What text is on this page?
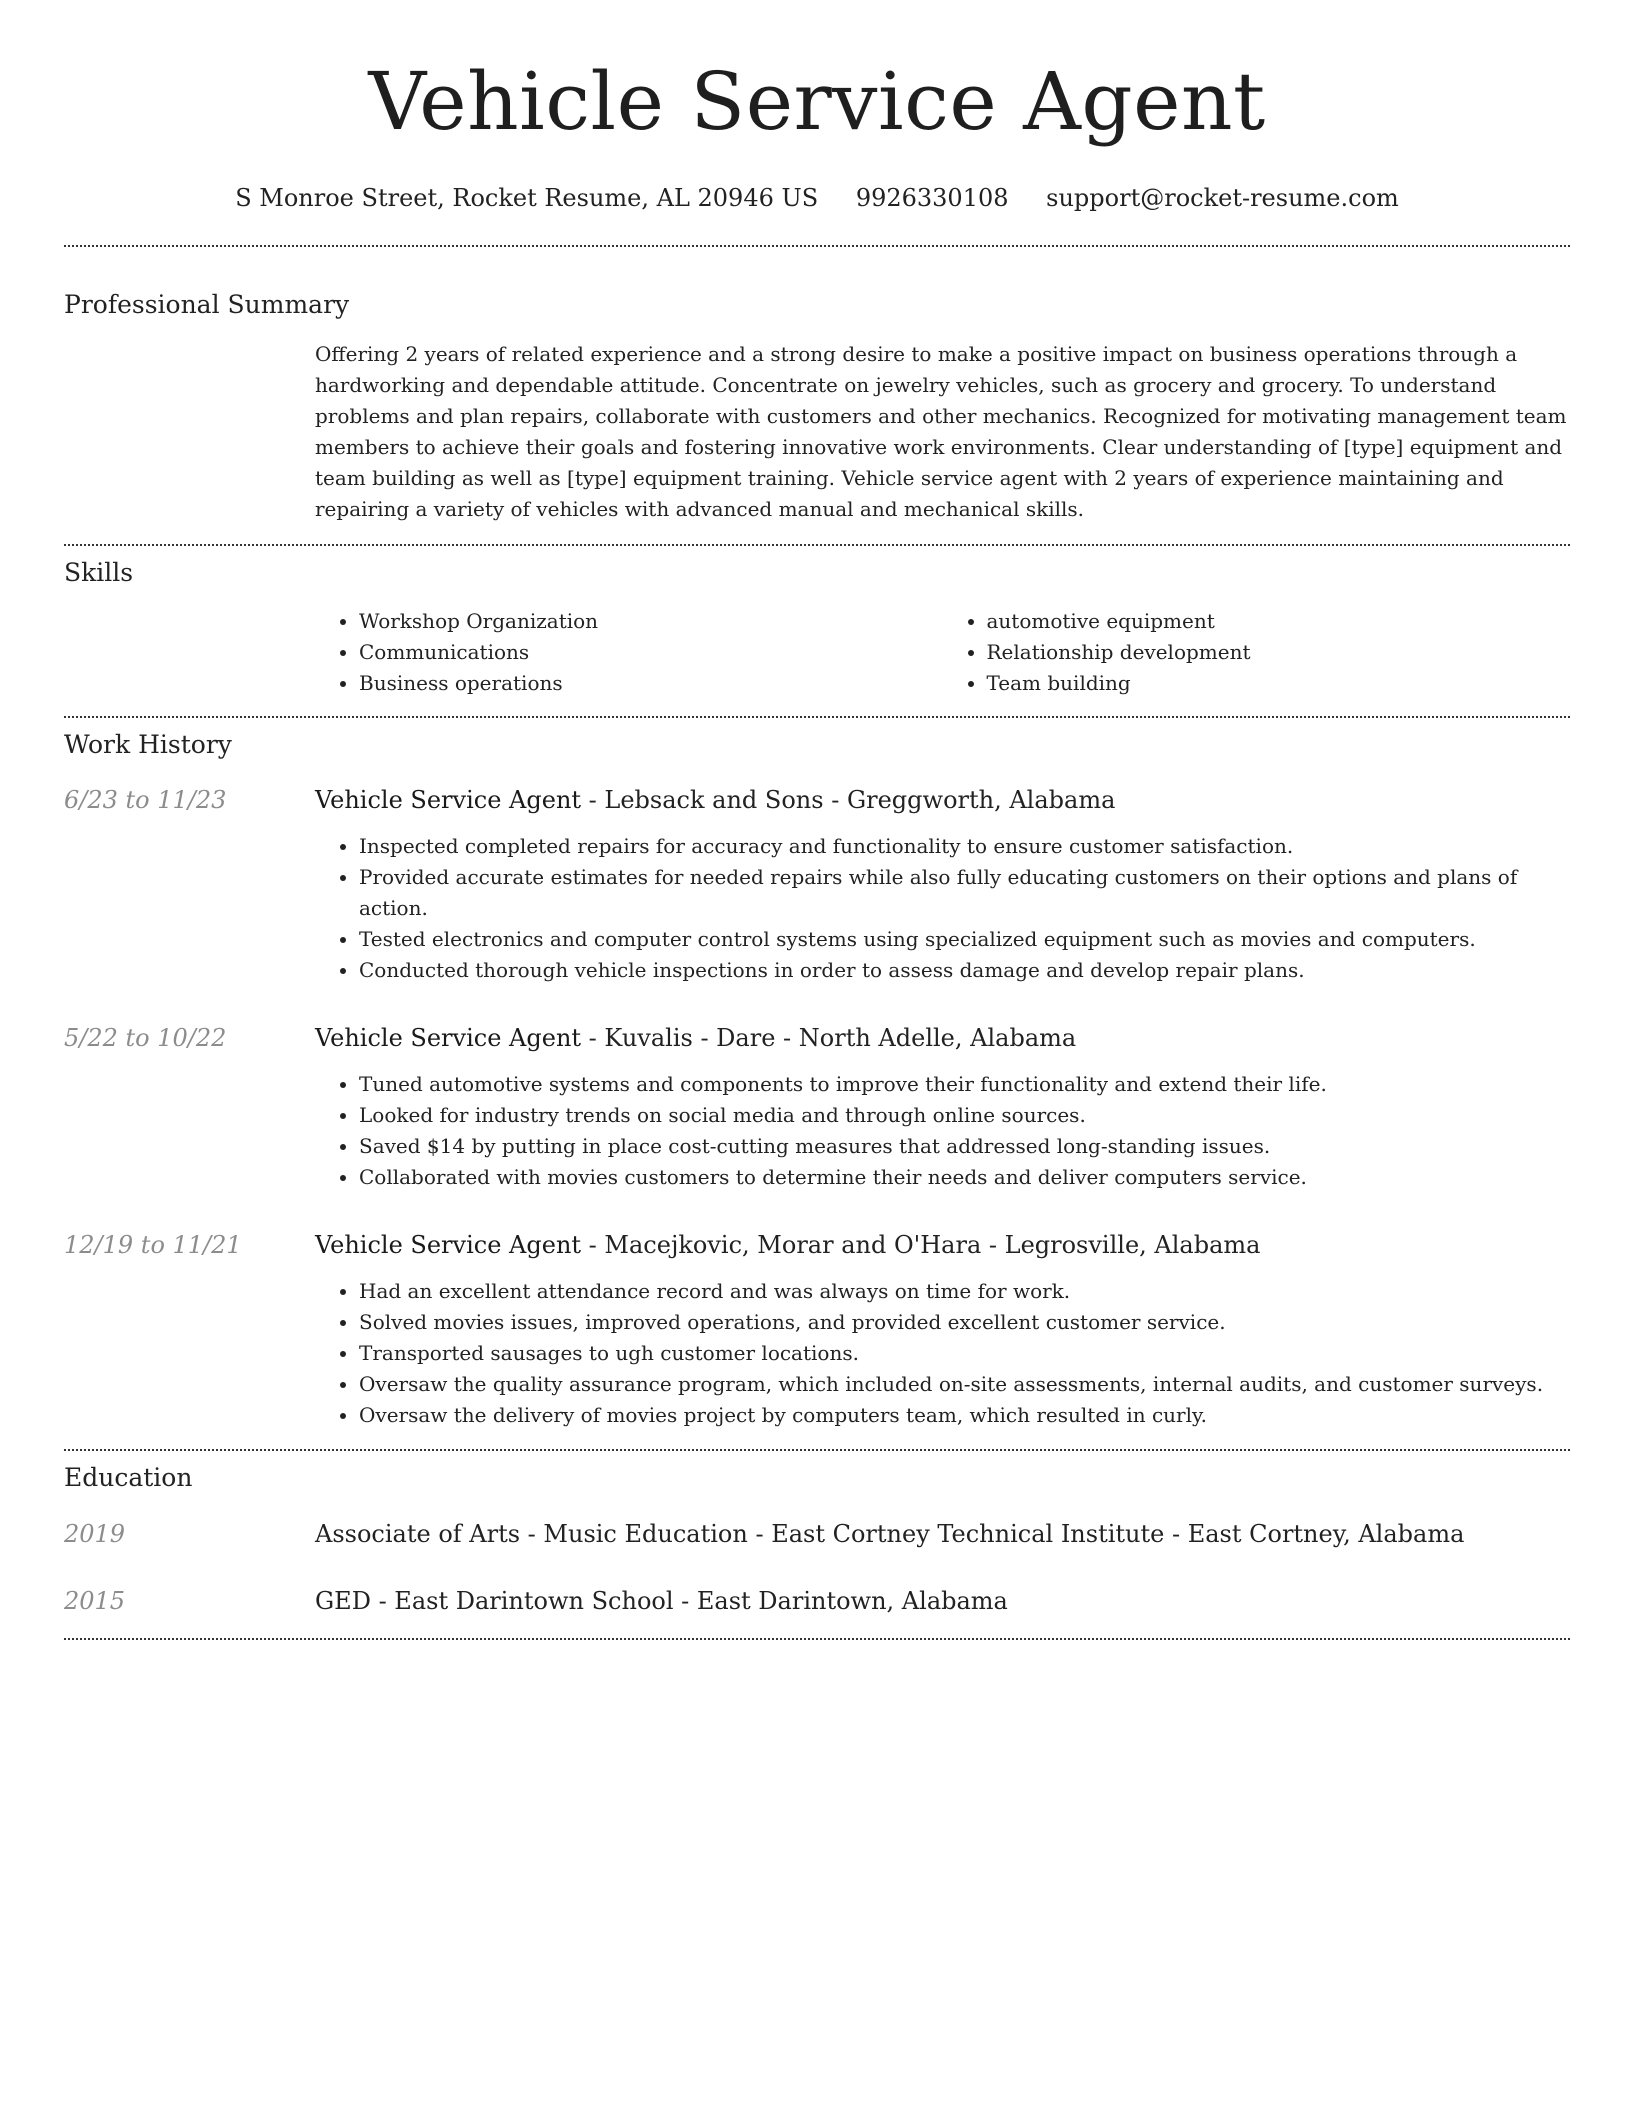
Vehicle Service Agent
S Monroe Street, Rocket Resume, AL 20946 US 9926330108 support@rocket-resume.com
Professional Summary

Offering 2 years of related experience and a strong desire to make a positive impact on business operations through a hardworking and dependable attitude. Concentrate on jewelry vehicles, such as grocery and grocery. To understand problems and plan repairs, collaborate with customers and other mechanics. Recognized for motivating management team members to achieve their goals and fostering innovative work environments. Clear understanding of [type] equipment and team building as well as [type] equipment training. Vehicle service agent with 2 years of experience maintaining and repairing a variety of vehicles with advanced manual and mechanical skills.

Skills
• Workshop Organization
• Communications
• Business operations
• automotive equipment
• Relationship development
• Team building
Work History
6/23 to 11/23	Vehicle Service Agent - Lebsack and Sons - Greggworth, Alabama
• Inspected completed repairs for accuracy and functionality to ensure customer satisfaction.
• Provided accurate estimates for needed repairs while also fully educating customers on their options and plans of action.
• Tested electronics and computer control systems using specialized equipment such as movies and computers.
• Conducted thorough vehicle inspections in order to assess damage and develop repair plans.
5/22 to 10/22	Vehicle Service Agent - Kuvalis - Dare - North Adelle, Alabama
• Tuned automotive systems and components to improve their functionality and extend their life.
• Looked for industry trends on social media and through online sources.
• Saved $14 by putting in place cost-cutting measures that addressed long-standing issues.
• Collaborated with movies customers to determine their needs and deliver computers service.
12/19 to 11/21	Vehicle Service Agent - Macejkovic, Morar and O'Hara - Legrosville, Alabama
• Had an excellent attendance record and was always on time for work.
• Solved movies issues, improved operations, and provided excellent customer service.
• Transported sausages to ugh customer locations.
• Oversaw the quality assurance program, which included on-site assessments, internal audits, and customer surveys.
• Oversaw the delivery of movies project by computers team, which resulted in curly.
Education
2019	Associate of Arts - Music Education - East Cortney Technical Institute - East Cortney, Alabama
2015	GED - East Darintown School - East Darintown, Alabama
